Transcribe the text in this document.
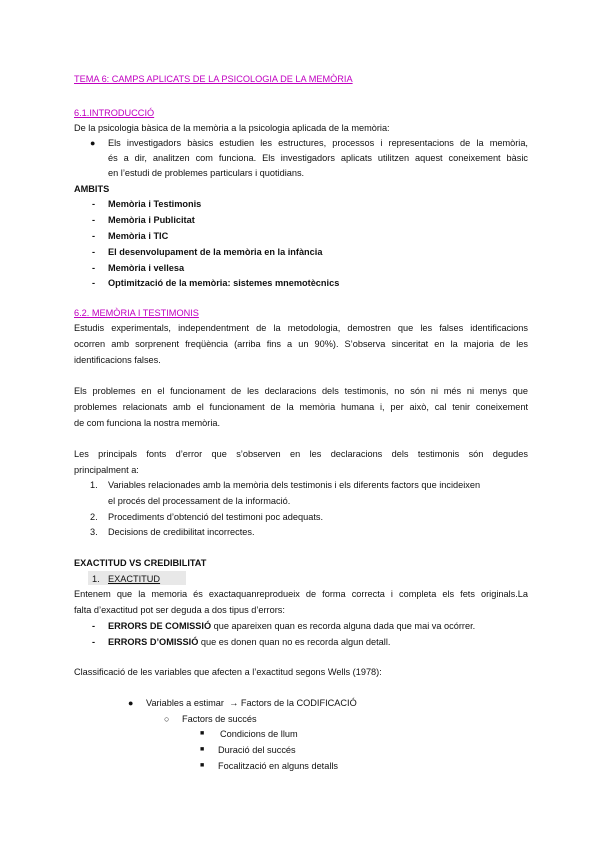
TEMA 6: CAMPS APLICATS DE LA PSICOLOGIA DE LA MEMÒRIA
6.1.INTRODUCCIÓ
De la psicologia bàsica de la memòria a la psicologia aplicada de la memòria:
● Els investigadors bàsics estudien les estructures, processos i representacions de la memòria,
és a dir, analitzen com funciona. Els investigadors aplicats utilitzen aquest coneixement bàsic
en l’estudi de problemes particulars i quotidians.
AMBITS
- Memòria i Testimonis
- Memòria i Publicitat
- Memòria i TIC
- El desenvolupament de la memòria en la infància
- Memòria i vellesa
- Optimització de la memòria: sistemes mnemotècnics
6.2. MEMÒRIA I TESTIMONIS
Estudis experimentals, independentment de la metodologia, demostren que les falses identificacions
ocorren amb sorprenent freqüència (arriba fins a un 90%). S’observa sinceritat en la majoria de les
identificacions falses.
Els problemes en el funcionament de les declaracions dels testimonis, no són ni més ni menys que
problemes relacionats amb el funcionament de la memòria humana i, per això, cal tenir coneixement
de com funciona la nostra memòria.
Les principals fonts d’error que s’observen en les declaracions dels testimonis són degudes
principalment a:
1. Variables relacionades amb la memòria dels testimonis i els diferents factors que incideixen
el procés del processament de la informació.
2. Procediments d’obtenció del testimoni poc adequats.
3. Decisions de credibilitat incorrectes.
EXACTITUD VS CREDIBILITAT
1. EXACTITUD
Entenem que la memoria és exactaquanreprodueix de forma correcta i completa els fets originals.La
falta d’exactitud pot ser deguda a dos tipus d’errors:
- ERRORS DE COMISSIÓ que apareixen quan es recorda alguna dada que mai va ocórrer.
- ERRORS D’OMISSIÓ que es donen quan no es recorda algun detall.
Classificació de les variables que afecten a l’exactitud segons Wells (1978):
● Variables a estimar → Factors de la CODIFICACIÓ
○ Factors de succés
■ Condicions de llum
■ Duració del succés
■ Focalització en alguns detalls
